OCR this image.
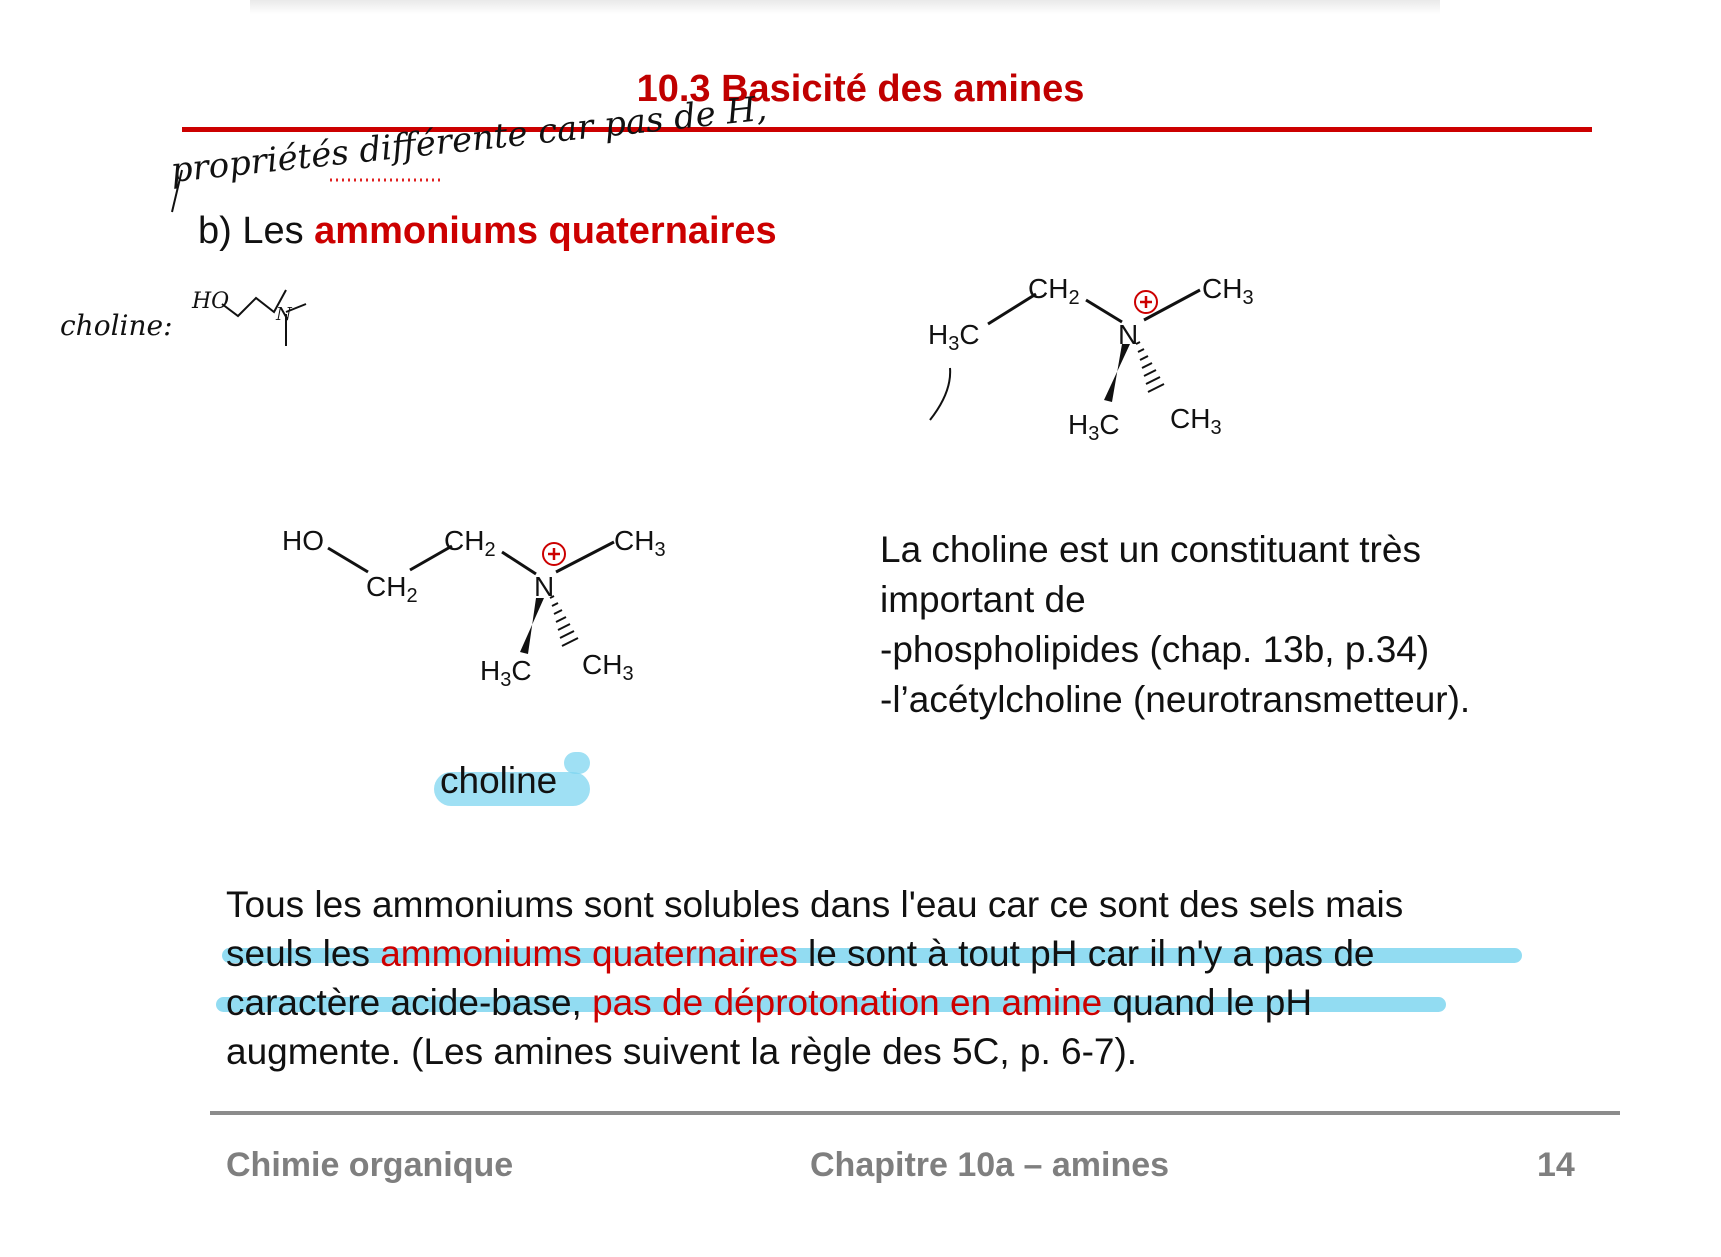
10.3 Basicité des amines
propriétés différente car pas de H,
b) Les ammoniums quaternaires
choline:
HO
N
$CH_2$	$CH_3$
$H_3C$	N
$H_3C$ $CH_3$
HO
$CH_2$
$CH_2$	$CH_3$
N
$H_3C$ $CH_3$
choline
La choline est un constituant très
important de
-phospholipides (chap. 13b, p.34)
-l’acétylcholine (neurotransmetteur).
Tous les ammoniums sont solubles dans l'eau car ce sont des sels mais
seuls les ammoniums quaternaires le sont à tout pH car il n'y a pas de
caractère acide-base, pas de déprotonation en amine quand le pH
augmente. (Les amines suivent la règle des 5C, p. 6-7).
Chimie organique	Chapitre 10a – amines	14
